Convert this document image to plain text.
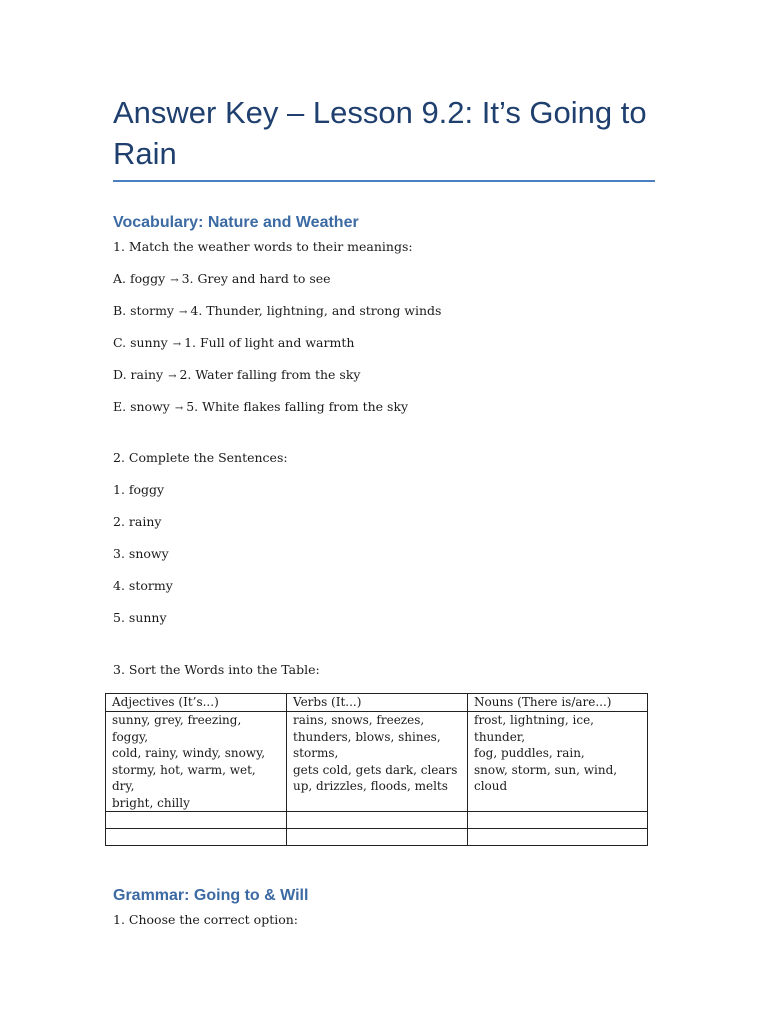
Answer Key – Lesson 9.2: It’s Going to Rain
Vocabulary: Nature and Weather

1. Match the weather words to their meanings:

A. foggy → 3. Grey and hard to see

B. stormy → 4. Thunder, lightning, and strong winds

C. sunny → 1. Full of light and warmth

D. rainy → 2. Water falling from the sky

E. snowy → 5. White flakes falling from the sky

2. Complete the Sentences:

1. foggy

2. rainy

3. snowy

4. stormy

5. sunny

3. Sort the Words into the Table:

Adjectives (It’s...)	Verbs (It...)	Nouns (There is/are...)

sunny, grey, freezing, foggy,
cold, rainy, windy, snowy,
stormy, hot, warm, wet, dry,
bright, chilly	rains, snows, freezes,
thunders, blows, shines,
storms,
gets cold, gets dark, clears
up, drizzles, floods, melts	frost, lightning, ice, thunder,
fog, puddles, rain,
snow, storm, sun, wind,
cloud

Grammar: Going to & Will

1. Choose the correct option:
